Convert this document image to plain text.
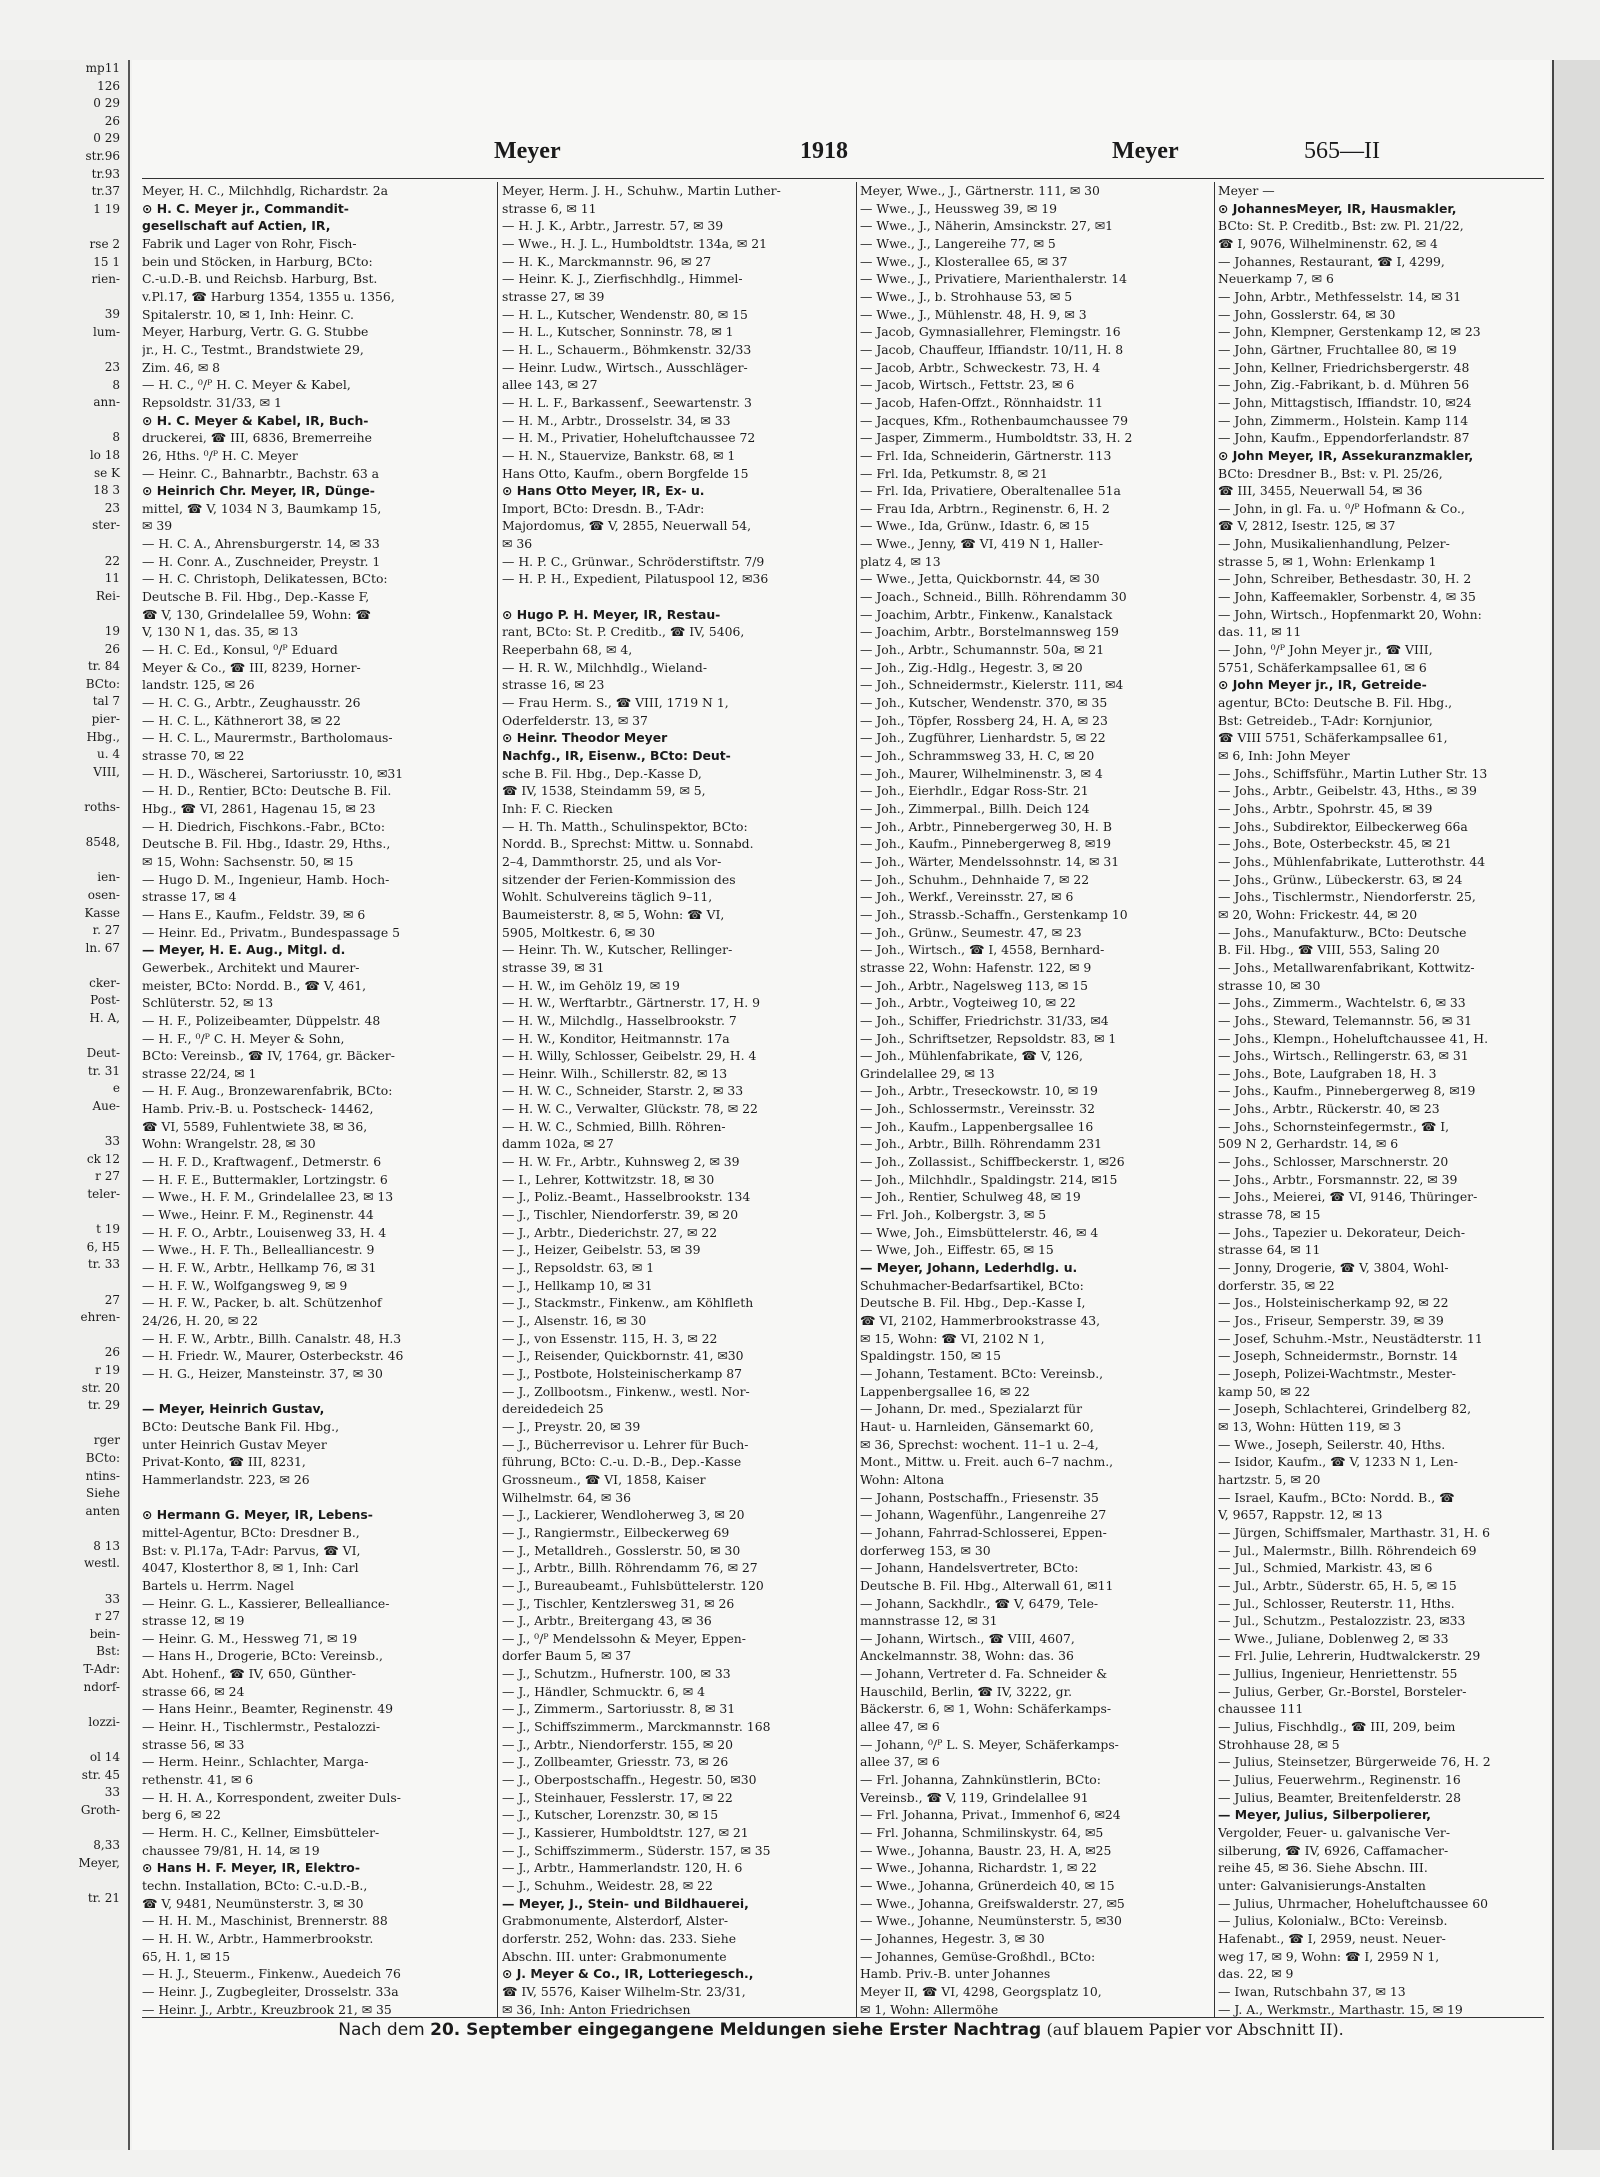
mp11
126
0 29
26
0 29
str.96
tr.93
tr.37
1 19

rse 2
15 1
rien-

39
lum-

23
8
ann-

8
lo 18
se K
18 3
23
ster-

22
11
Rei-

19
26
tr. 84
BCto:
tal 7
pier-
Hbg.,
u. 4
VIII,

roths-

8548,

ien-
osen-
Kasse
r. 27
ln. 67

cker-
Post-
H. A,

Deut-
tr. 31
e
Aue-

33
ck 12
r 27
teler-

t 19
6, H5
tr. 33

27
ehren-

26
r 19
str. 20
tr. 29

rger
BCto:
ntins-
Siehe
anten

8 13
westl.

33
r 27
bein-
Bst:
T-Adr:
ndorf-

lozzi-

ol 14
str. 45
33
Groth-

8,33
Meyer,

tr. 21
Meyer	1918	Meyer	565—II
Meyer, H. C., Milchhdlg, Richardstr. 2a
⊙ H. C. Meyer jr., Commandit-
gesellschaft auf Actien, IR,
Fabrik und Lager von Rohr, Fisch-
bein und Stöcken, in Harburg, BCto:
C.-u.D.-B. und Reichsb. Harburg, Bst.
v.Pl.17, ☎ Harburg 1354, 1355 u. 1356,
Spitalerstr. 10, ✉ 1, Inh: Heinr. C.
Meyer, Harburg, Vertr. G. G. Stubbe
jr., H. C., Testmt., Brandstwiete 29,
Zim. 46, ✉ 8
— H. C., ⁰/ᴾ H. C. Meyer & Kabel,
Repsoldstr. 31/33, ✉ 1
⊙ H. C. Meyer & Kabel, IR, Buch-
druckerei, ☎ III, 6836, Bremerreihe
26, Hths. ⁰/ᴾ H. C. Meyer
— Heinr. C., Bahnarbtr., Bachstr. 63 a
⊙ Heinrich Chr. Meyer, IR, Dünge-
mittel, ☎ V, 1034 N 3, Baumkamp 15,
✉ 39
— H. C. A., Ahrensburgerstr. 14, ✉ 33
— H. Conr. A., Zuschneider, Preystr. 1
— H. C. Christoph, Delikatessen, BCto:
Deutsche B. Fil. Hbg., Dep.-Kasse F,
☎ V, 130, Grindelallee 59, Wohn: ☎
V, 130 N 1, das. 35, ✉ 13
— H. C. Ed., Konsul, ⁰/ᴾ Eduard
Meyer & Co., ☎ III, 8239, Horner-
landstr. 125, ✉ 26
— H. C. G., Arbtr., Zeughausstr. 26
— H. C. L., Käthnerort 38, ✉ 22
— H. C. L., Maurermstr., Bartholomaus-
strasse 70, ✉ 22
— H. D., Wäscherei, Sartoriusstr. 10, ✉31
— H. D., Rentier, BCto: Deutsche B. Fil.
Hbg., ☎ VI, 2861, Hagenau 15, ✉ 23
— H. Diedrich, Fischkons.-Fabr., BCto:
Deutsche B. Fil. Hbg., Idastr. 29, Hths.,
✉ 15, Wohn: Sachsenstr. 50, ✉ 15
— Hugo D. M., Ingenieur, Hamb. Hoch-
strasse 17, ✉ 4
— Hans E., Kaufm., Feldstr. 39, ✉ 6
— Heinr. Ed., Privatm., Bundespassage 5
— Meyer, H. E. Aug., Mitgl. d.
Gewerbek., Architekt und Maurer-
meister, BCto: Nordd. B., ☎ V, 461,
Schlüterstr. 52, ✉ 13
— H. F., Polizeibeamter, Düppelstr. 48
— H. F., ⁰/ᴾ C. H. Meyer & Sohn,
BCto: Vereinsb., ☎ IV, 1764, gr. Bäcker-
strasse 22/24, ✉ 1
— H. F. Aug., Bronzewarenfabrik, BCto:
Hamb. Priv.-B. u. Postscheck- 14462,
☎ VI, 5589, Fuhlentwiete 38, ✉ 36,
Wohn: Wrangelstr. 28, ✉ 30
— H. F. D., Kraftwagenf., Detmerstr. 6
— H. F. E., Buttermakler, Lortzingstr. 6
— Wwe., H. F. M., Grindelallee 23, ✉ 13
— Wwe., Heinr. F. M., Reginenstr. 44
— H. F. O., Arbtr., Louisenweg 33, H. 4
— Wwe., H. F. Th., Bellealliancestr. 9
— H. F. W., Arbtr., Hellkamp 76, ✉ 31
— H. F. W., Wolfgangsweg 9, ✉ 9
— H. F. W., Packer, b. alt. Schützenhof
24/26, H. 20, ✉ 22
— H. F. W., Arbtr., Billh. Canalstr. 48, H.3
— H. Friedr. W., Maurer, Osterbeckstr. 46
— H. G., Heizer, Mansteinstr. 37, ✉ 30

— Meyer, Heinrich Gustav,
BCto: Deutsche Bank Fil. Hbg.,
unter Heinrich Gustav Meyer
Privat-Konto, ☎ III, 8231,
Hammerlandstr. 223, ✉ 26

⊙ Hermann G. Meyer, IR, Lebens-
mittel-Agentur, BCto: Dresdner B.,
Bst: v. Pl.17a, T-Adr: Parvus, ☎ VI,
4047, Klosterthor 8, ✉ 1, Inh: Carl
Bartels u. Herrm. Nagel
— Heinr. G. L., Kassierer, Bellealliance-
strasse 12, ✉ 19
— Heinr. G. M., Hessweg 71, ✉ 19
— Hans H., Drogerie, BCto: Vereinsb.,
Abt. Hohenf., ☎ IV, 650, Günther-
strasse 66, ✉ 24
— Hans Heinr., Beamter, Reginenstr. 49
— Heinr. H., Tischlermstr., Pestalozzi-
strasse 56, ✉ 33
— Herm. Heinr., Schlachter, Marga-
rethenstr. 41, ✉ 6
— H. H. A., Korrespondent, zweiter Duls-
berg 6, ✉ 22
— Herm. H. C., Kellner, Eimsbütteler-
chaussee 79/81, H. 14, ✉ 19
⊙ Hans H. F. Meyer, IR, Elektro-
techn. Installation, BCto: C.-u.D.-B.,
☎ V, 9481, Neumünsterstr. 3, ✉ 30
— H. H. M., Maschinist, Brennerstr. 88
— H. H. W., Arbtr., Hammerbrookstr.
65, H. 1, ✉ 15
— H. J., Steuerm., Finkenw., Auedeich 76
— Heinr. J., Zugbegleiter, Drosselstr. 33a
— Heinr. J., Arbtr., Kreuzbrook 21, ✉ 35
Meyer, Herm. J. H., Schuhw., Martin Luther-
strasse 6, ✉ 11
— H. J. K., Arbtr., Jarrestr. 57, ✉ 39
— Wwe., H. J. L., Humboldtstr. 134a, ✉ 21
— H. K., Marckmannstr. 96, ✉ 27
— Heinr. K. J., Zierfischhdlg., Himmel-
strasse 27, ✉ 39
— H. L., Kutscher, Wendenstr. 80, ✉ 15
— H. L., Kutscher, Sonninstr. 78, ✉ 1
— H. L., Schauerm., Böhmkenstr. 32/33
— Heinr. Ludw., Wirtsch., Ausschläger-
allee 143, ✉ 27
— H. L. F., Barkassenf., Seewartenstr. 3
— H. M., Arbtr., Drosselstr. 34, ✉ 33
— H. M., Privatier, Hoheluftchaussee 72
— H. N., Stauervize, Bankstr. 68, ✉ 1
Hans Otto, Kaufm., obern Borgfelde 15
⊙ Hans Otto Meyer, IR, Ex- u.
Import, BCto: Dresdn. B., T-Adr:
Majordomus, ☎ V, 2855, Neuerwall 54,
✉ 36
— H. P. C., Grünwar., Schröderstiftstr. 7/9
— H. P. H., Expedient, Pilatuspool 12, ✉36

⊙ Hugo P. H. Meyer, IR, Restau-
rant, BCto: St. P. Creditb., ☎ IV, 5406,
Reeperbahn 68, ✉ 4,
— H. R. W., Milchhdlg., Wieland-
strasse 16, ✉ 23
— Frau Herm. S., ☎ VIII, 1719 N 1,
Oderfelderstr. 13, ✉ 37
⊙ Heinr. Theodor Meyer
Nachfg., IR, Eisenw., BCto: Deut-
sche B. Fil. Hbg., Dep.-Kasse D,
☎ IV, 1538, Steindamm 59, ✉ 5,
Inh: F. C. Riecken
— H. Th. Matth., Schulinspektor, BCto:
Nordd. B., Sprechst: Mittw. u. Sonnabd.
2–4, Dammthorstr. 25, und als Vor-
sitzender der Ferien-Kommission des
Wohlt. Schulvereins täglich 9–11,
Baumeisterstr. 8, ✉ 5, Wohn: ☎ VI,
5905, Moltkestr. 6, ✉ 30
— Heinr. Th. W., Kutscher, Rellinger-
strasse 39, ✉ 31
— H. W., im Gehölz 19, ✉ 19
— H. W., Werftarbtr., Gärtnerstr. 17, H. 9
— H. W., Milchdlg., Hasselbrookstr. 7
— H. W., Konditor, Heitmannstr. 17a
— H. Willy, Schlosser, Geibelstr. 29, H. 4
— Heinr. Wilh., Schillerstr. 82, ✉ 13
— H. W. C., Schneider, Starstr. 2, ✉ 33
— H. W. C., Verwalter, Glückstr. 78, ✉ 22
— H. W. C., Schmied, Billh. Röhren-
damm 102a, ✉ 27
— H. W. Fr., Arbtr., Kuhnsweg 2, ✉ 39
— I., Lehrer, Kottwitzstr. 18, ✉ 30
— J., Poliz.-Beamt., Hasselbrookstr. 134
— J., Tischler, Niendorferstr. 39, ✉ 20
— J., Arbtr., Diederichstr. 27, ✉ 22
— J., Heizer, Geibelstr. 53, ✉ 39
— J., Repsoldstr. 63, ✉ 1
— J., Hellkamp 10, ✉ 31
— J., Stackmstr., Finkenw., am Köhlfleth
— J., Alsenstr. 16, ✉ 30
— J., von Essenstr. 115, H. 3, ✉ 22
— J., Reisender, Quickbornstr. 41, ✉30
— J., Postbote, Holsteinischerkamp 87
— J., Zollbootsm., Finkenw., westl. Nor-
dereidedeich 25
— J., Preystr. 20, ✉ 39
— J., Bücherrevisor u. Lehrer für Buch-
führung, BCto: C.-u. D.-B., Dep.-Kasse
Grossneum., ☎ VI, 1858, Kaiser
Wilhelmstr. 64, ✉ 36
— J., Lackierer, Wendloherweg 3, ✉ 20
— J., Rangiermstr., Eilbeckerweg 69
— J., Metalldreh., Gosslerstr. 50, ✉ 30
— J., Arbtr., Billh. Röhrendamm 76, ✉ 27
— J., Bureaubeamt., Fuhlsbüttelerstr. 120
— J., Tischler, Kentzlersweg 31, ✉ 26
— J., Arbtr., Breitergang 43, ✉ 36
— J., ⁰/ᴾ Mendelssohn & Meyer, Eppen-
dorfer Baum 5, ✉ 37
— J., Schutzm., Hufnerstr. 100, ✉ 33
— J., Händler, Schmucktr. 6, ✉ 4
— J., Zimmerm., Sartoriusstr. 8, ✉ 31
— J., Schiffszimmerm., Marckmannstr. 168
— J., Arbtr., Niendorferstr. 155, ✉ 20
— J., Zollbeamter, Griesstr. 73, ✉ 26
— J., Oberpostschaffn., Hegestr. 50, ✉30
— J., Steinhauer, Fesslerstr. 17, ✉ 22
— J., Kutscher, Lorenzstr. 30, ✉ 15
— J., Kassierer, Humboldtstr. 127, ✉ 21
— J., Schiffszimmerm., Süderstr. 157, ✉ 35
— J., Arbtr., Hammerlandstr. 120, H. 6
— J., Schuhm., Weidestr. 28, ✉ 22
— Meyer, J., Stein- und Bildhauerei,
Grabmonumente, Alsterdorf, Alster-
dorferstr. 252, Wohn: das. 233. Siehe
Abschn. III. unter: Grabmonumente
⊙ J. Meyer & Co., IR, Lotteriegesch.,
☎ IV, 5576, Kaiser Wilhelm-Str. 23/31,
✉ 36, Inh: Anton Friedrichsen
Meyer, Wwe., J., Gärtnerstr. 111, ✉ 30
— Wwe., J., Heussweg 39, ✉ 19
— Wwe., J., Näherin, Amsinckstr. 27, ✉1
— Wwe., J., Langereihe 77, ✉ 5
— Wwe., J., Klosterallee 65, ✉ 37
— Wwe., J., Privatiere, Marienthalerstr. 14
— Wwe., J., b. Strohhause 53, ✉ 5
— Wwe., J., Mühlenstr. 48, H. 9, ✉ 3
— Jacob, Gymnasiallehrer, Flemingstr. 16
— Jacob, Chauffeur, Iffiandstr. 10/11, H. 8
— Jacob, Arbtr., Schweckestr. 73, H. 4
— Jacob, Wirtsch., Fettstr. 23, ✉ 6
— Jacob, Hafen-Offzt., Rönnhaidstr. 11
— Jacques, Kfm., Rothenbaumchaussee 79
— Jasper, Zimmerm., Humboldtstr. 33, H. 2
— Frl. Ida, Schneiderin, Gärtnerstr. 113
— Frl. Ida, Petkumstr. 8, ✉ 21
— Frl. Ida, Privatiere, Oberaltenallee 51a
— Frau Ida, Arbtrn., Reginenstr. 6, H. 2
— Wwe., Ida, Grünw., Idastr. 6, ✉ 15
— Wwe., Jenny, ☎ VI, 419 N 1, Haller-
platz 4, ✉ 13
— Wwe., Jetta, Quickbornstr. 44, ✉ 30
— Joach., Schneid., Billh. Röhrendamm 30
— Joachim, Arbtr., Finkenw., Kanalstack
— Joachim, Arbtr., Borstelmannsweg 159
— Joh., Arbtr., Schumannstr. 50a, ✉ 21
— Joh., Zig.-Hdlg., Hegestr. 3, ✉ 20
— Joh., Schneidermstr., Kielerstr. 111, ✉4
— Joh., Kutscher, Wendenstr. 370, ✉ 35
— Joh., Töpfer, Rossberg 24, H. A, ✉ 23
— Joh., Zugführer, Lienhardstr. 5, ✉ 22
— Joh., Schrammsweg 33, H. C, ✉ 20
— Joh., Maurer, Wilhelminenstr. 3, ✉ 4
— Joh., Eierhdlr., Edgar Ross-Str. 21
— Joh., Zimmerpal., Billh. Deich 124
— Joh., Arbtr., Pinnebergerweg 30, H. B
— Joh., Kaufm., Pinnebergerweg 8, ✉19
— Joh., Wärter, Mendelssohnstr. 14, ✉ 31
— Joh., Schuhm., Dehnhaide 7, ✉ 22
— Joh., Werkf., Vereinsstr. 27, ✉ 6
— Joh., Strassb.-Schaffn., Gerstenkamp 10
— Joh., Grünw., Seumestr. 47, ✉ 23
— Joh., Wirtsch., ☎ I, 4558, Bernhard-
strasse 22, Wohn: Hafenstr. 122, ✉ 9
— Joh., Arbtr., Nagelsweg 113, ✉ 15
— Joh., Arbtr., Vogteiweg 10, ✉ 22
— Joh., Schiffer, Friedrichstr. 31/33, ✉4
— Joh., Schriftsetzer, Repsoldstr. 83, ✉ 1
— Joh., Mühlenfabrikate, ☎ V, 126,
Grindelallee 29, ✉ 13
— Joh., Arbtr., Treseckowstr. 10, ✉ 19
— Joh., Schlossermstr., Vereinsstr. 32
— Joh., Kaufm., Lappenbergsallee 16
— Joh., Arbtr., Billh. Röhrendamm 231
— Joh., Zollassist., Schiffbeckerstr. 1, ✉26
— Joh., Milchhdlr., Spaldingstr. 214, ✉15
— Joh., Rentier, Schulweg 48, ✉ 19
— Frl. Joh., Kolbergstr. 3, ✉ 5
— Wwe, Joh., Eimsbüttelerstr. 46, ✉ 4
— Wwe, Joh., Eiffestr. 65, ✉ 15
— Meyer, Johann, Lederhdlg. u.
Schuhmacher-Bedarfsartikel, BCto:
Deutsche B. Fil. Hbg., Dep.-Kasse I,
☎ VI, 2102, Hammerbrookstrasse 43,
✉ 15, Wohn: ☎ VI, 2102 N 1,
Spaldingstr. 150, ✉ 15
— Johann, Testament. BCto: Vereinsb.,
Lappenbergsallee 16, ✉ 22
— Johann, Dr. med., Spezialarzt für
Haut- u. Harnleiden, Gänsemarkt 60,
✉ 36, Sprechst: wochent. 11–1 u. 2–4,
Mont., Mittw. u. Freit. auch 6–7 nachm.,
Wohn: Altona
— Johann, Postschaffn., Friesenstr. 35
— Johann, Wagenführ., Langenreihe 27
— Johann, Fahrrad-Schlosserei, Eppen-
dorferweg 153, ✉ 30
— Johann, Handelsvertreter, BCto:
Deutsche B. Fil. Hbg., Alterwall 61, ✉11
— Johann, Sackhdlr., ☎ V, 6479, Tele-
mannstrasse 12, ✉ 31
— Johann, Wirtsch., ☎ VIII, 4607,
Anckelmannstr. 38, Wohn: das. 36
— Johann, Vertreter d. Fa. Schneider &
Hauschild, Berlin, ☎ IV, 3222, gr.
Bäckerstr. 6, ✉ 1, Wohn: Schäferkamps-
allee 47, ✉ 6
— Johann, ⁰/ᴾ L. S. Meyer, Schäferkamps-
allee 37, ✉ 6
— Frl. Johanna, Zahnkünstlerin, BCto:
Vereinsb., ☎ V, 119, Grindelallee 91
— Frl. Johanna, Privat., Immenhof 6, ✉24
— Frl. Johanna, Schmilinskystr. 64, ✉5
— Wwe., Johanna, Baustr. 23, H. A, ✉25
— Wwe., Johanna, Richardstr. 1, ✉ 22
— Wwe., Johanna, Grünerdeich 40, ✉ 15
— Wwe., Johanna, Greifswalderstr. 27, ✉5
— Wwe., Johanne, Neumünsterstr. 5, ✉30
— Johannes, Hegestr. 3, ✉ 30
— Johannes, Gemüse-Großhdl., BCto:
Hamb. Priv.-B. unter Johannes
Meyer II, ☎ VI, 4298, Georgsplatz 10,
✉ 1, Wohn: Allermöhe
Meyer —
⊙ JohannesMeyer, IR, Hausmakler,
BCto: St. P. Creditb., Bst: zw. Pl. 21/22,
☎ I, 9076, Wilhelminenstr. 62, ✉ 4
— Johannes, Restaurant, ☎ I, 4299,
Neuerkamp 7, ✉ 6
— John, Arbtr., Methfesselstr. 14, ✉ 31
— John, Gosslerstr. 64, ✉ 30
— John, Klempner, Gerstenkamp 12, ✉ 23
— John, Gärtner, Fruchtallee 80, ✉ 19
— John, Kellner, Friedrichsbergerstr. 48
— John, Zig.-Fabrikant, b. d. Mühren 56
— John, Mittagstisch, Iffiandstr. 10, ✉24
— John, Zimmerm., Holstein. Kamp 114
— John, Kaufm., Eppendorferlandstr. 87
⊙ John Meyer, IR, Assekuranzmakler,
BCto: Dresdner B., Bst: v. Pl. 25/26,
☎ III, 3455, Neuerwall 54, ✉ 36
— John, in gl. Fa. u. ⁰/ᴾ Hofmann & Co.,
☎ V, 2812, Isestr. 125, ✉ 37
— John, Musikalienhandlung, Pelzer-
strasse 5, ✉ 1, Wohn: Erlenkamp 1
— John, Schreiber, Bethesdastr. 30, H. 2
— John, Kaffeemakler, Sorbenstr. 4, ✉ 35
— John, Wirtsch., Hopfenmarkt 20, Wohn:
das. 11, ✉ 11
— John, ⁰/ᴾ John Meyer jr., ☎ VIII,
5751, Schäferkampsallee 61, ✉ 6
⊙ John Meyer jr., IR, Getreide-
agentur, BCto: Deutsche B. Fil. Hbg.,
Bst: Getreideb., T-Adr: Kornjunior,
☎ VIII 5751, Schäferkampsallee 61,
✉ 6, Inh: John Meyer
— Johs., Schiffsführ., Martin Luther Str. 13
— Johs., Arbtr., Geibelstr. 43, Hths., ✉ 39
— Johs., Arbtr., Spohrstr. 45, ✉ 39
— Johs., Subdirektor, Eilbeckerweg 66a
— Johs., Bote, Osterbeckstr. 45, ✉ 21
— Johs., Mühlenfabrikate, Lutterothstr. 44
— Johs., Grünw., Lübeckerstr. 63, ✉ 24
— Johs., Tischlermstr., Niendorferstr. 25,
✉ 20, Wohn: Frickestr. 44, ✉ 20
— Johs., Manufakturw., BCto: Deutsche
B. Fil. Hbg., ☎ VIII, 553, Saling 20
— Johs., Metallwarenfabrikant, Kottwitz-
strasse 10, ✉ 30
— Johs., Zimmerm., Wachtelstr. 6, ✉ 33
— Johs., Steward, Telemannstr. 56, ✉ 31
— Johs., Klempn., Hoheluftchaussee 41, H.
— Johs., Wirtsch., Rellingerstr. 63, ✉ 31
— Johs., Bote, Laufgraben 18, H. 3
— Johs., Kaufm., Pinnebergerweg 8, ✉19
— Johs., Arbtr., Rückerstr. 40, ✉ 23
— Johs., Schornsteinfegermstr., ☎ I,
509 N 2, Gerhardstr. 14, ✉ 6
— Johs., Schlosser, Marschnerstr. 20
— Johs., Arbtr., Forsmannstr. 22, ✉ 39
— Johs., Meierei, ☎ VI, 9146, Thüringer-
strasse 78, ✉ 15
— Johs., Tapezier u. Dekorateur, Deich-
strasse 64, ✉ 11
— Jonny, Drogerie, ☎ V, 3804, Wohl-
dorferstr. 35, ✉ 22
— Jos., Holsteinischerkamp 92, ✉ 22
— Jos., Friseur, Semperstr. 39, ✉ 39
— Josef, Schuhm.-Mstr., Neustädterstr. 11
— Joseph, Schneidermstr., Bornstr. 14
— Joseph, Polizei-Wachtmstr., Mester-
kamp 50, ✉ 22
— Joseph, Schlachterei, Grindelberg 82,
✉ 13, Wohn: Hütten 119, ✉ 3
— Wwe., Joseph, Seilerstr. 40, Hths.
— Isidor, Kaufm., ☎ V, 1233 N 1, Len-
hartzstr. 5, ✉ 20
— Israel, Kaufm., BCto: Nordd. B., ☎
V, 9657, Rappstr. 12, ✉ 13
— Jürgen, Schiffsmaler, Marthastr. 31, H. 6
— Jul., Malermstr., Billh. Röhrendeich 69
— Jul., Schmied, Markistr. 43, ✉ 6
— Jul., Arbtr., Süderstr. 65, H. 5, ✉ 15
— Jul., Schlosser, Reuterstr. 11, Hths.
— Jul., Schutzm., Pestalozzistr. 23, ✉33
— Wwe., Juliane, Doblenweg 2, ✉ 33
— Frl. Julie, Lehrerin, Hudtwalckerstr. 29
— Jullius, Ingenieur, Henriettenstr. 55
— Julius, Gerber, Gr.-Borstel, Borsteler-
chaussee 111
— Julius, Fischhdlg., ☎ III, 209, beim
Strohhause 28, ✉ 5
— Julius, Steinsetzer, Bürgerweide 76, H. 2
— Julius, Feuerwehrm., Reginenstr. 16
— Julius, Beamter, Breitenfelderstr. 28
— Meyer, Julius, Silberpolierer,
Vergolder, Feuer- u. galvanische Ver-
silberung, ☎ IV, 6926, Caffamacher-
reihe 45, ✉ 36. Siehe Abschn. III.
unter: Galvanisierungs-Anstalten
— Julius, Uhrmacher, Hoheluftchaussee 60
— Julius, Kolonialw., BCto: Vereinsb.
Hafenabt., ☎ I, 2959, neust. Neuer-
weg 17, ✉ 9, Wohn: ☎ I, 2959 N 1,
das. 22, ✉ 9
— Iwan, Rutschbahn 37, ✉ 13
— J. A., Werkmstr., Marthastr. 15, ✉ 19
Nach dem 20. September eingegangene Meldungen siehe Erster Nachtrag (auf blauem Papier vor Abschnitt II).
